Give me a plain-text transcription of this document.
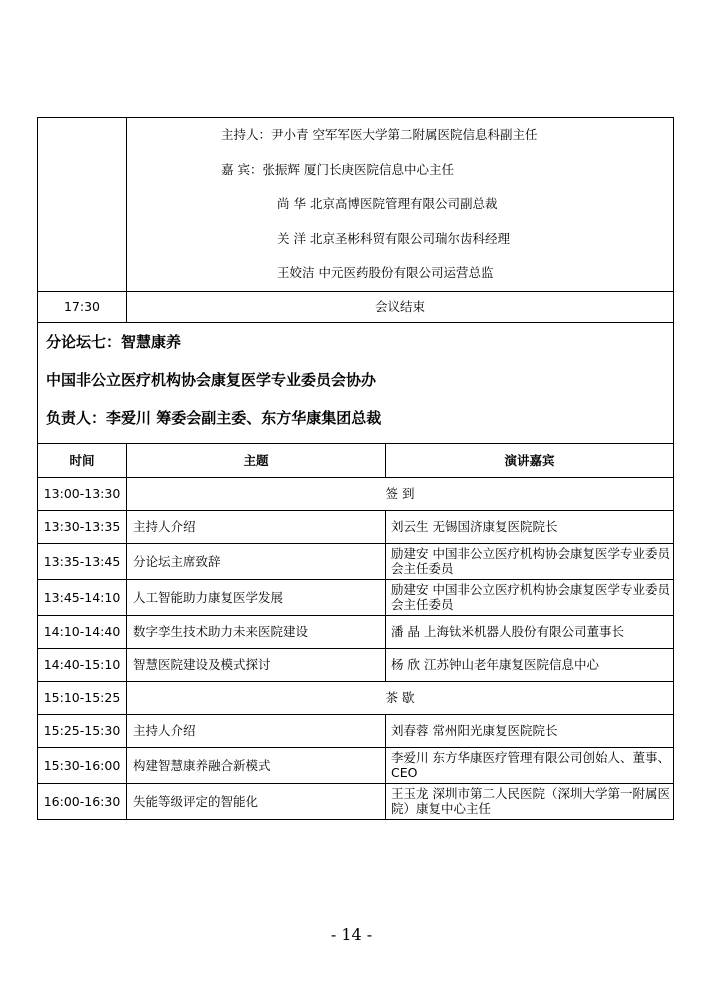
	主持人：尹小青 空军军医大学第二附属医院信息科副主任
嘉 宾：张振辉 厦门长庚医院信息中心主任
尚 华 北京高博医院管理有限公司副总裁
关 洋 北京圣彬科贸有限公司瑞尔齿科经理
王姣洁 中元医药股份有限公司运营总监	

17:30	会议结束	

分论坛七：智慧康养
中国非公立医疗机构协会康复医学专业委员会协办
负责人：李爱川 筹委会副主委、东方华康集团总裁		

时间	主题	演讲嘉宾
13:00-13:30	签 到	
13:30-13:35	主持人介绍	刘云生 无锡国济康复医院院长
13:35-13:45	分论坛主席致辞	励建安 中国非公立医疗机构协会康复医学专业委员会主任委员
13:45-14:10	人工智能助力康复医学发展	励建安 中国非公立医疗机构协会康复医学专业委员会主任委员
14:10-14:40	数字孪生技术助力未来医院建设	潘 晶 上海钛米机器人股份有限公司董事长
14:40-15:10	智慧医院建设及模式探讨	杨 欣 江苏钟山老年康复医院信息中心
15:10-15:25	茶 歇	
15:25-15:30	主持人介绍	刘春蓉 常州阳光康复医院院长
15:30-16:00	构建智慧康养融合新模式	李爱川 东方华康医疗管理有限公司创始人、董事、CEO
16:00-16:30	失能等级评定的智能化	王玉龙 深圳市第二人民医院（深圳大学第一附属医院）康复中心主任
- 14 -
